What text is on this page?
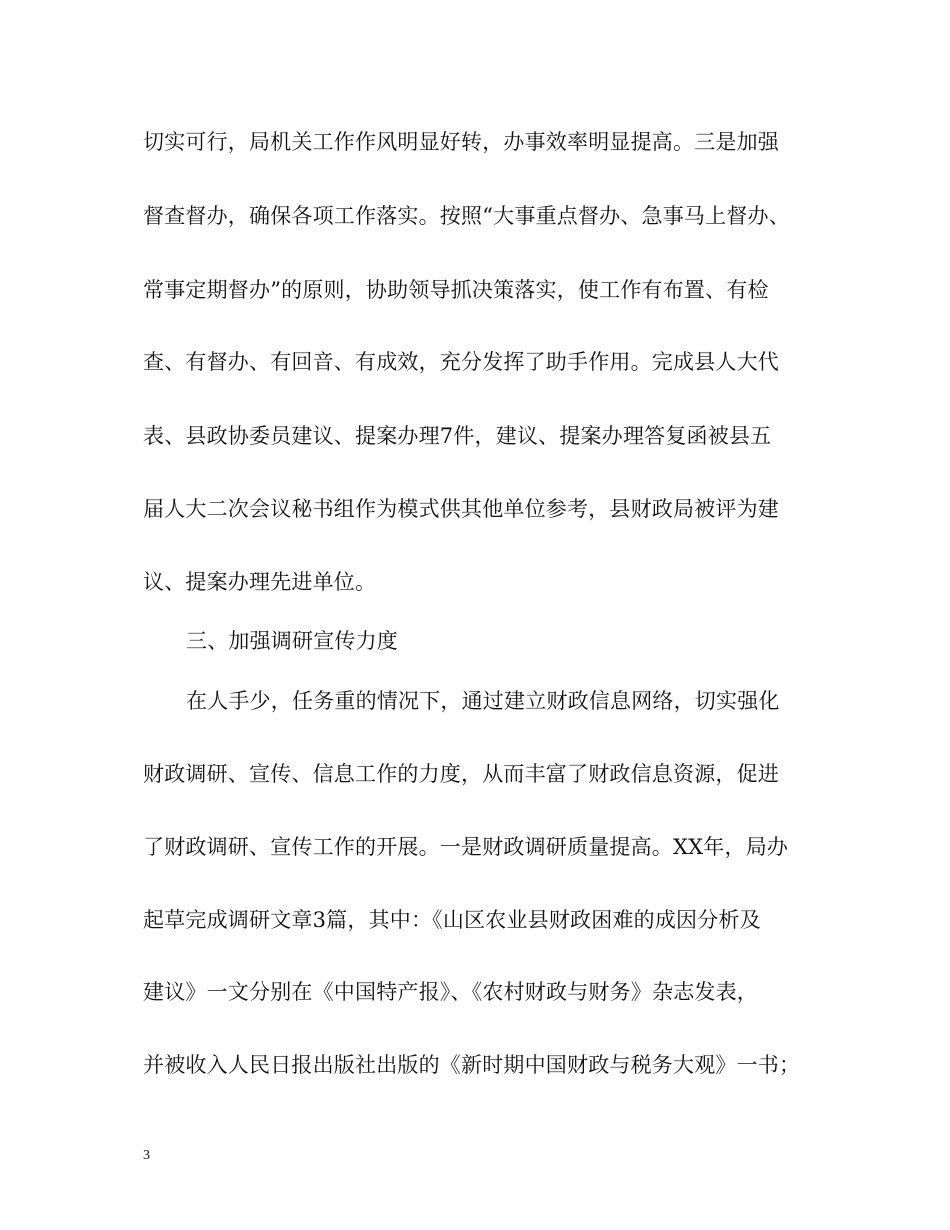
切实可行，局机关工作作风明显好转，办事效率明显提高。三是加强
督查督办，确保各项工作落实。按照“大事重点督办、急事马上督办、
常事定期督办”的原则，协助领导抓决策落实，使工作有布置、有检
查、有督办、有回音、有成效，充分发挥了助手作用。完成县人大代
表、县政协委员建议、提案办理7件，建议、提案办理答复函被县五
届人大二次会议秘书组作为模式供其他单位参考，县财政局被评为建
议、提案办理先进单位。
三、加强调研宣传力度
在人手少，任务重的情况下，通过建立财政信息网络，切实强化
财政调研、宣传、信息工作的力度，从而丰富了财政信息资源，促进
了财政调研、宣传工作的开展。一是财政调研质量提高。XX年，局办
起草完成调研文章3篇，其中：《山区农业县财政困难的成因分析及
建议》一文分别在《中国特产报》、《农村财政与财务》杂志发表，
并被收入人民日报出版社出版的《新时期中国财政与税务大观》一书；
3
